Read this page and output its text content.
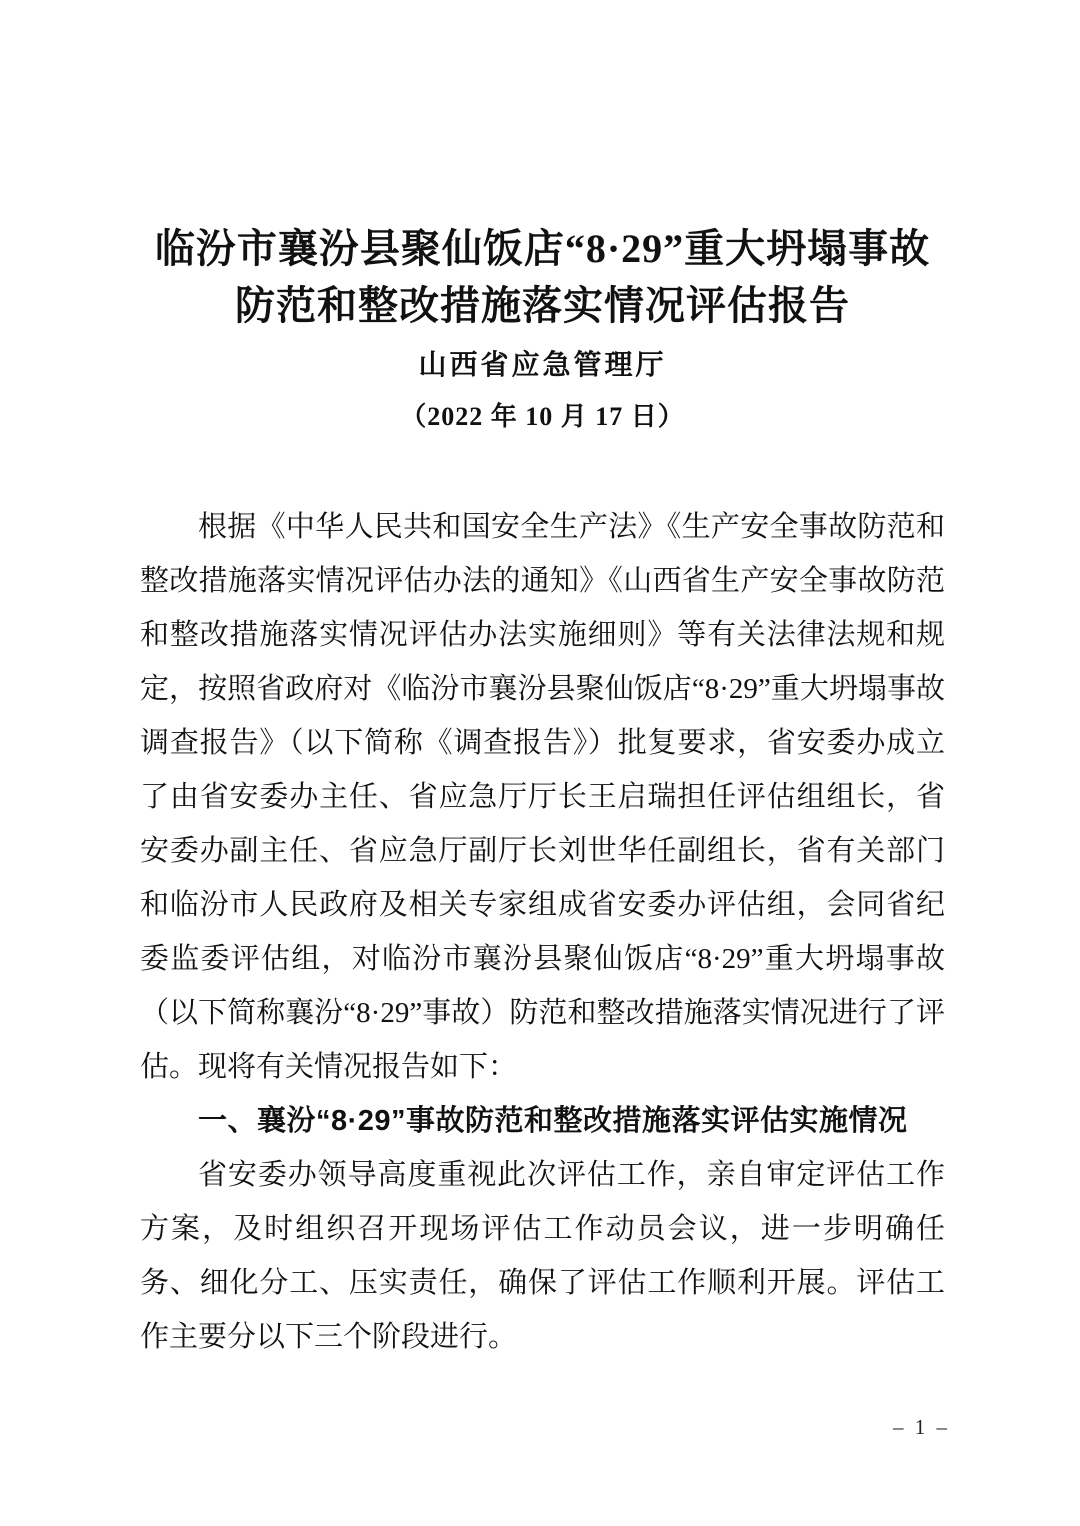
临汾市襄汾县聚仙饭店“8·29”重大坍塌事故
防范和整改措施落实情况评估报告
山西省应急管理厅
（2022 年 10 月 17 日）

根据《中华人民共和国安全生产法》《生产安全事故防范和整改措施落实情况评估办法的通知》《山西省生产安全事故防范和整改措施落实情况评估办法实施细则》等有关法律法规和规定，按照省政府对《临汾市襄汾县聚仙饭店“8·29”重大坍塌事故调查报告》（以下简称《调查报告》）批复要求，省安委办成立了由省安委办主任、省应急厅厅长王启瑞担任评估组组长，省安委办副主任、省应急厅副厅长刘世华任副组长，省有关部门和临汾市人民政府及相关专家组成省安委办评估组，会同省纪委监委评估组，对临汾市襄汾县聚仙饭店“8·29”重大坍塌事故（以下简称襄汾“8·29”事故）防范和整改措施落实情况进行了评估。现将有关情况报告如下：

一、襄汾“8·29”事故防范和整改措施落实评估实施情况

省安委办领导高度重视此次评估工作，亲自审定评估工作方案，及时组织召开现场评估工作动员会议，进一步明确任务、细化分工、压实责任，确保了评估工作顺利开展。评估工作主要分以下三个阶段进行。

– 1 –
